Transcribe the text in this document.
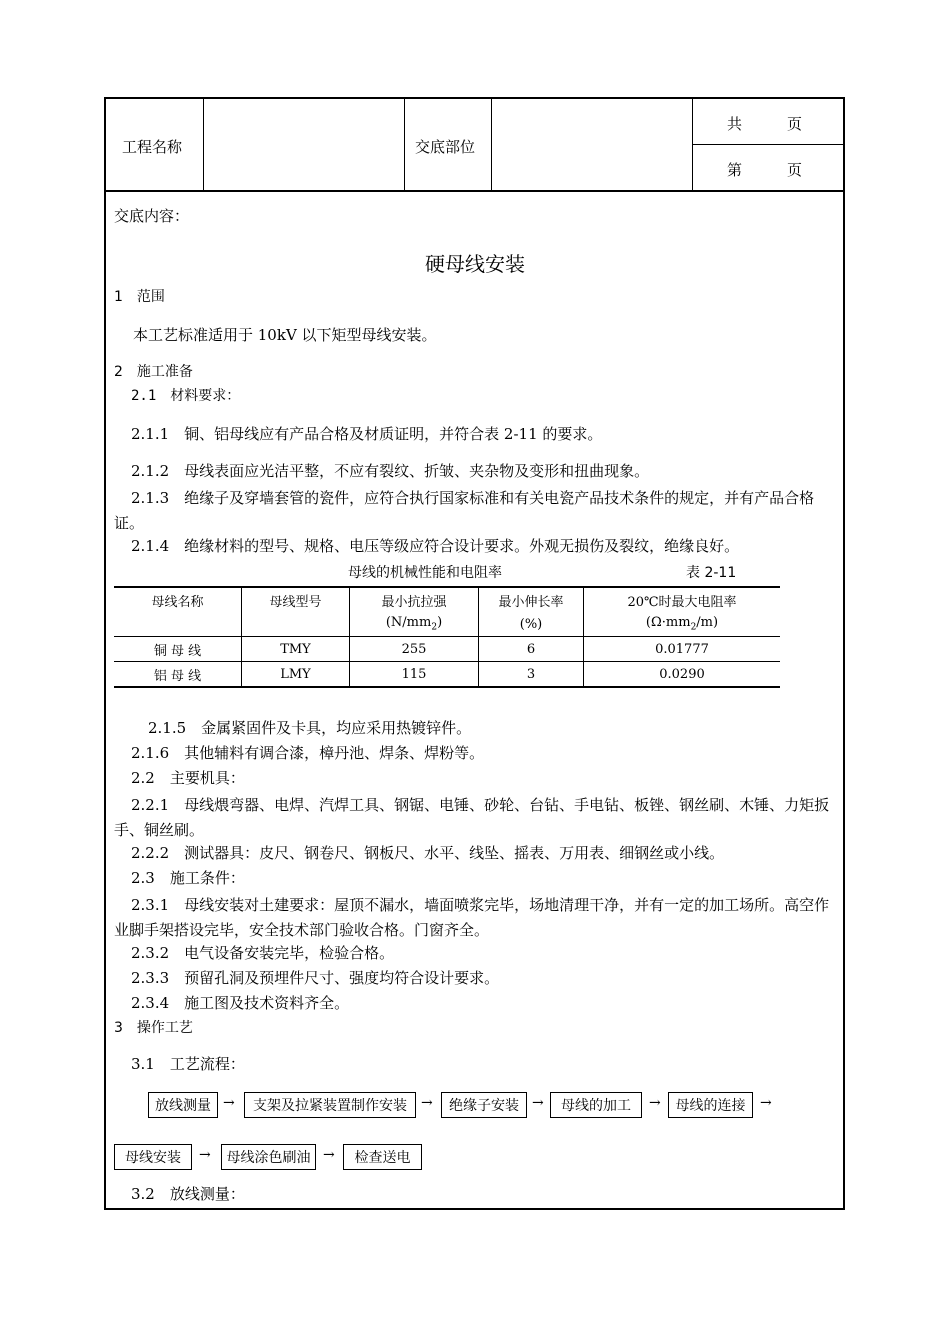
工程名称	交底部位
共　　　页
第　　　页
交底内容：
硬母线安装
1　范围
本工艺标准适用于 10kV 以下矩型母线安装。
2　施工准备
2.1　材料要求：
2.1.1　铜、铝母线应有产品合格及材质证明，并符合表 2-11 的要求。
2.1.2　母线表面应光洁平整，不应有裂纹、折皱、夹杂物及变形和扭曲现象。
2.1.3　绝缘子及穿墙套管的瓷件，应符合执行国家标准和有关电瓷产品技术条件的规定，并有产品合格证。
2.1.4　绝缘材料的型号、规格、电压等级应符合设计要求。外观无损伤及裂纹，绝缘良好。
母线的机械性能和电阻率	表 2-11
母线名称	母线型号	最小抗拉强	最小伸长率	20℃时最大电阻率
		$(N/mm_2)$	(%)	$(\Omega\cdot mm_2/m)$
铜 母 线	TMY	255	6	0.01777
铝 母 线	LMY	115	3	0.0290
2.1.5　金属紧固件及卡具，均应采用热镀锌件。
2.1.6　其他辅料有调合漆，樟丹池、焊条、焊粉等。
2.2　主要机具：
2.2.1　母线煨弯器、电焊、汽焊工具、钢锯、电锤、砂轮、台钻、手电钻、板锉、钢丝刷、木锤、力矩扳手、铜丝刷。
2.2.2　测试器具：皮尺、钢卷尺、钢板尺、水平、线坠、摇表、万用表、细钢丝或小线。
2.3　施工条件：
2.3.1　母线安装对土建要求：屋顶不漏水，墙面喷浆完毕，场地清理干净，并有一定的加工场所。高空作业脚手架搭设完毕，安全技术部门验收合格。门窗齐全。
2.3.2　电气设备安装完毕，检验合格。
2.3.3　预留孔洞及预埋件尺寸、强度均符合设计要求。
2.3.4　施工图及技术资料齐全。
3　操作工艺
3.1　工艺流程：
放线测量 →	支架及拉紧装置制作安装	→	绝缘子安装 →	母线的加工	→	母线的连接	→
母线安装	→	母线涂色刷油 →	检查送电
3.2　放线测量：
